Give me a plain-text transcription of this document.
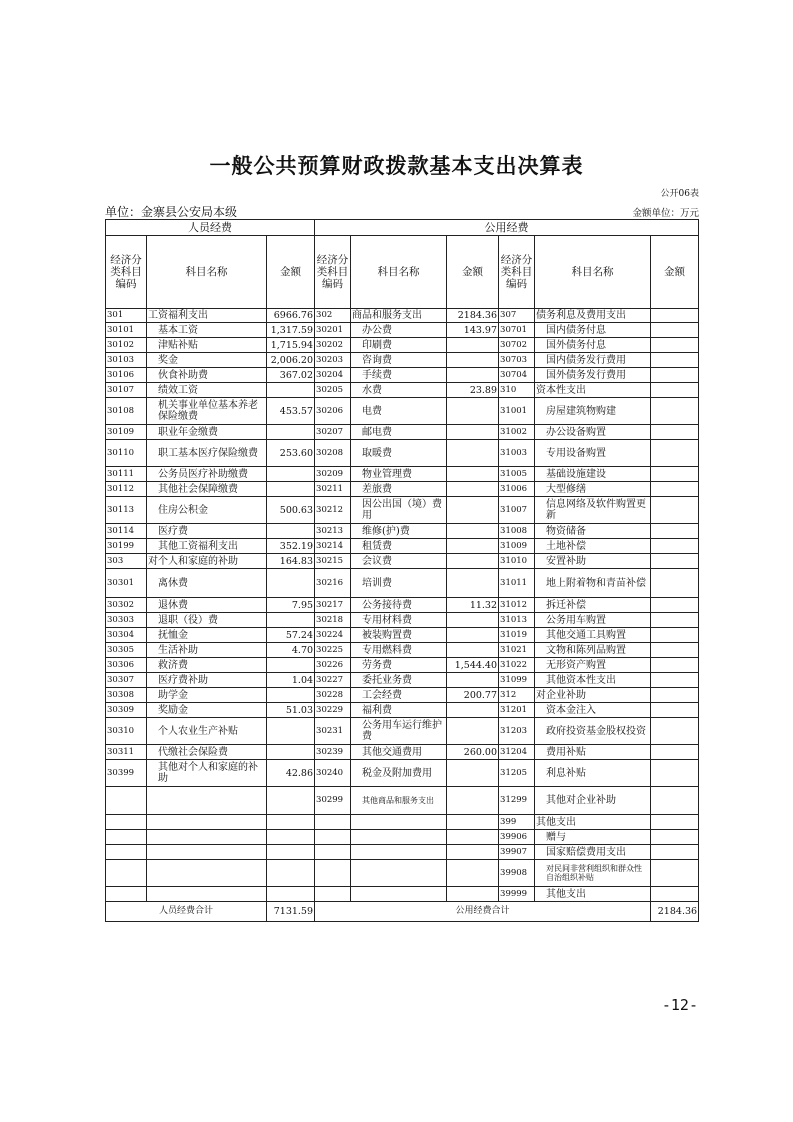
一般公共预算财政拨款基本支出决算表
公开06表
单位：金寨县公安局本级	金额单位：万元
人员经费			公用经费					
经济分类科目编码	科目名称	金额	经济分类科目编码	科目名称	金额	经济分类科目编码	科目名称	金额
301	工资福利支出	6966.76	302	商品和服务支出	2184.36	307	债务利息及费用支出	
30101	基本工资	1,317.59	30201	办公费	143.97	30701	国内债务付息	
30102	津贴补贴	1,715.94	30202	印刷费		30702	国外债务付息	
30103	奖金	2,006.20	30203	咨询费		30703	国内债务发行费用	
30106	伙食补助费	367.02	30204	手续费		30704	国外债务发行费用	
30107	绩效工资		30205	水费	23.89	310	资本性支出	
30108	机关事业单位基本养老保险缴费	453.57	30206	电费		31001	房屋建筑物购建	
30109	职业年金缴费		30207	邮电费		31002	办公设备购置	
30110	职工基本医疗保险缴费	253.60	30208	取暖费		31003	专用设备购置	
30111	公务员医疗补助缴费		30209	物业管理费		31005	基础设施建设	
30112	其他社会保障缴费		30211	差旅费		31006	大型修缮	
30113	住房公积金	500.63	30212	因公出国（境）费用		31007	信息网络及软件购置更新	
30114	医疗费		30213	维修(护)费		31008	物资储备	
30199	其他工资福利支出	352.19	30214	租赁费		31009	土地补偿	
303	对个人和家庭的补助	164.83	30215	会议费		31010	安置补助	
30301	离休费		30216	培训费		31011	地上附着物和青苗补偿	
30302	退休费	7.95	30217	公务接待费	11.32	31012	拆迁补偿	
30303	退职（役）费		30218	专用材料费		31013	公务用车购置	
30304	抚恤金	57.24	30224	被装购置费		31019	其他交通工具购置	
30305	生活补助	4.70	30225	专用燃料费		31021	文物和陈列品购置	
30306	救济费		30226	劳务费	1,544.40	31022	无形资产购置	
30307	医疗费补助	1.04	30227	委托业务费		31099	其他资本性支出	
30308	助学金		30228	工会经费	200.77	312	对企业补助	
30309	奖励金	51.03	30229	福利费		31201	资本金注入	
30310	个人农业生产补贴		30231	公务用车运行维护费		31203	政府投资基金股权投资	
30311	代缴社会保险费		30239	其他交通费用	260.00	31204	费用补贴	
30399	其他对个人和家庭的补助	42.86	30240	税金及附加费用		31205	利息补贴	
			30299	其他商品和服务支出		31299	其他对企业补助	
						399	其他支出	
						39906	赠与	
						39907	国家赔偿费用支出	
						39908	对民间非营利组织和群众性自治组织补贴	
						39999	其他支出	
人员经费合计		7131.59	公用经费合计					2184.36
-12-
